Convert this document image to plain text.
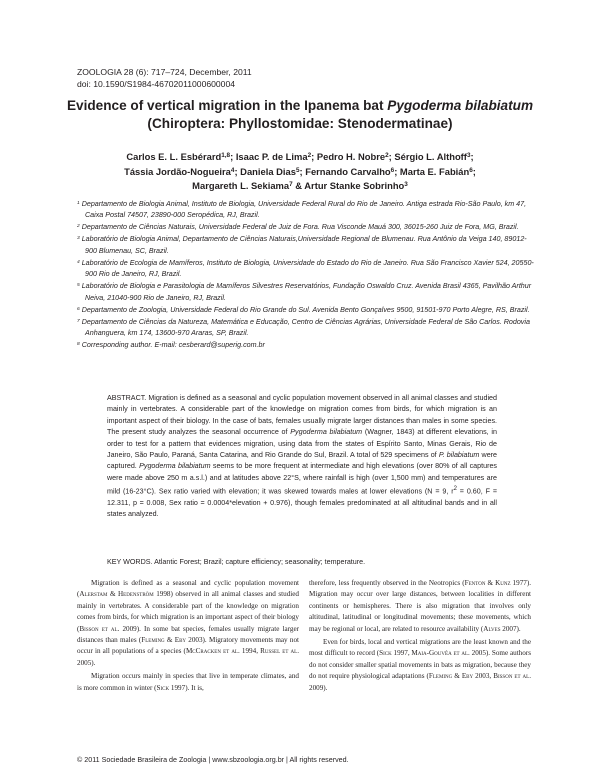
ZOOLOGIA 28 (6): 717–724, December, 2011
doi: 10.1590/S1984-46702011000600004
Evidence of vertical migration in the Ipanema bat Pygoderma bilabiatum
(Chiroptera: Phyllostomidae: Stenodermatinae)
Carlos E. L. Esbérard$^{1,8}$; Isaac P. de Lima$^2$; Pedro H. Nobre$^2$; Sérgio L. Althoff$^3$;
Tássia Jordão-Nogueira$^4$; Daniela Dias$^5$; Fernando Carvalho$^6$; Marta E. Fabián$^6$;
Margareth L. Sekiama$^7$ & Artur Stanke Sobrinho$^3$

$^1$ Departamento de Biologia Animal, Instituto de Biologia, Universidade Federal Rural do Rio de Janeiro. Antiga estrada Rio-São Paulo, km 47, Caixa Postal 74507, 23890-000 Seropédica, RJ, Brazil.

$^2$ Departamento de Ciências Naturais, Universidade Federal de Juiz de Fora. Rua Visconde Mauá 300, 36015-260 Juiz de Fora, MG, Brazil.

$^3$ Laboratório de Biologia Animal, Departamento de Ciências Naturais,Universidade Regional de Blumenau. Rua Antônio da Veiga 140, 89012-900 Blumenau, SC, Brazil.

$^4$ Laboratório de Ecologia de Mamíferos, Instituto de Biologia, Universidade do Estado do Rio de Janeiro. Rua São Francisco Xavier 524, 20550-900 Rio de Janeiro, RJ, Brazil.

$^5$ Laboratório de Biologia e Parasitologia de Mamíferos Silvestres Reservatórios, Fundação Oswaldo Cruz. Avenida Brasil 4365, Pavilhão Arthur Neiva, 21040-900 Rio de Janeiro, RJ, Brazil.

$^6$ Departamento de Zoologia, Universidade Federal do Rio Grande do Sul. Avenida Bento Gonçalves 9500, 91501-970 Porto Alegre, RS, Brazil.

$^7$ Departamento de Ciências da Natureza, Matemática e Educação, Centro de Ciências Agrárias, Universidade Federal de São Carlos. Rodovia Anhanguera, km 174, 13600-970 Araras, SP, Brazil.

$^8$ Corresponding author. E-mail: cesberard@superig.com.br

ABSTRACT. Migration is defined as a seasonal and cyclic population movement observed in all animal classes and studied mainly in vertebrates. A considerable part of the knowledge on migration comes from birds, for which migration is an important aspect of their biology. In the case of bats, females usually migrate larger distances than males in some species. The present study analyzes the seasonal occurrence of Pygoderma bilabiatum (Wagner, 1843) at different elevations, in order to test for a pattern that evidences migration, using data from the states of Espírito Santo, Minas Gerais, Rio de Janeiro, São Paulo, Paraná, Santa Catarina, and Rio Grande do Sul, Brazil. A total of 529 specimens of P. bilabiatum were captured. Pygoderma bilabiatum seems to be more frequent at intermediate and high elevations (over 80% of all captures were made above 250 m a.s.l.) and at latitudes above 22°S, where rainfall is high (over 1,500 mm) and temperatures are mild (16-23°C). Sex ratio varied with elevation; it was skewed towards males at lower elevations (N = 9, $r^2 = 0.60$, F = 12.311, p = 0.008, Sex ratio = 0.0004*elevation + 0.976), though females predominated at all altitudinal bands and in all states analyzed.

KEY WORDS. Atlantic Forest; Brazil; capture efficiency; seasonality; temperature.

Migration is defined as a seasonal and cyclic population movement (Alerstam & Hedenström 1998) observed in all animal classes and studied mainly in vertebrates. A considerable part of the knowledge on migration comes from birds, for which migration is an important aspect of their biology (Bisson et al. 2009). In some bat species, females usually migrate larger distances than males (Fleming & Eby 2003). Migratory movements may not occur in all populations of a species (McCracken et al. 1994, Russel et al. 2005).

Migration occurs mainly in species that live in temperate climates, and is more common in winter (Sick 1997). It is,

therefore, less frequently observed in the Neotropics (Fenton & Kunz 1977). Migration may occur over large distances, between localities in different continents or hemispheres. There is also migration that involves only altitudinal, latitudinal or longitudinal movements; these movements, which may be regional or local, are related to resource availability (Alves 2007).

Even for birds, local and vertical migrations are the least known and the most difficult to record (Sick 1997, Maia-Gouvêa et al. 2005). Some authors do not consider smaller spatial movements in bats as migration, because they do not require physiological adaptations (Fleming & Eby 2003, Bisson et al. 2009).

© 2011 Sociedade Brasileira de Zoologia | www.sbzoologia.org.br | All rights reserved.
